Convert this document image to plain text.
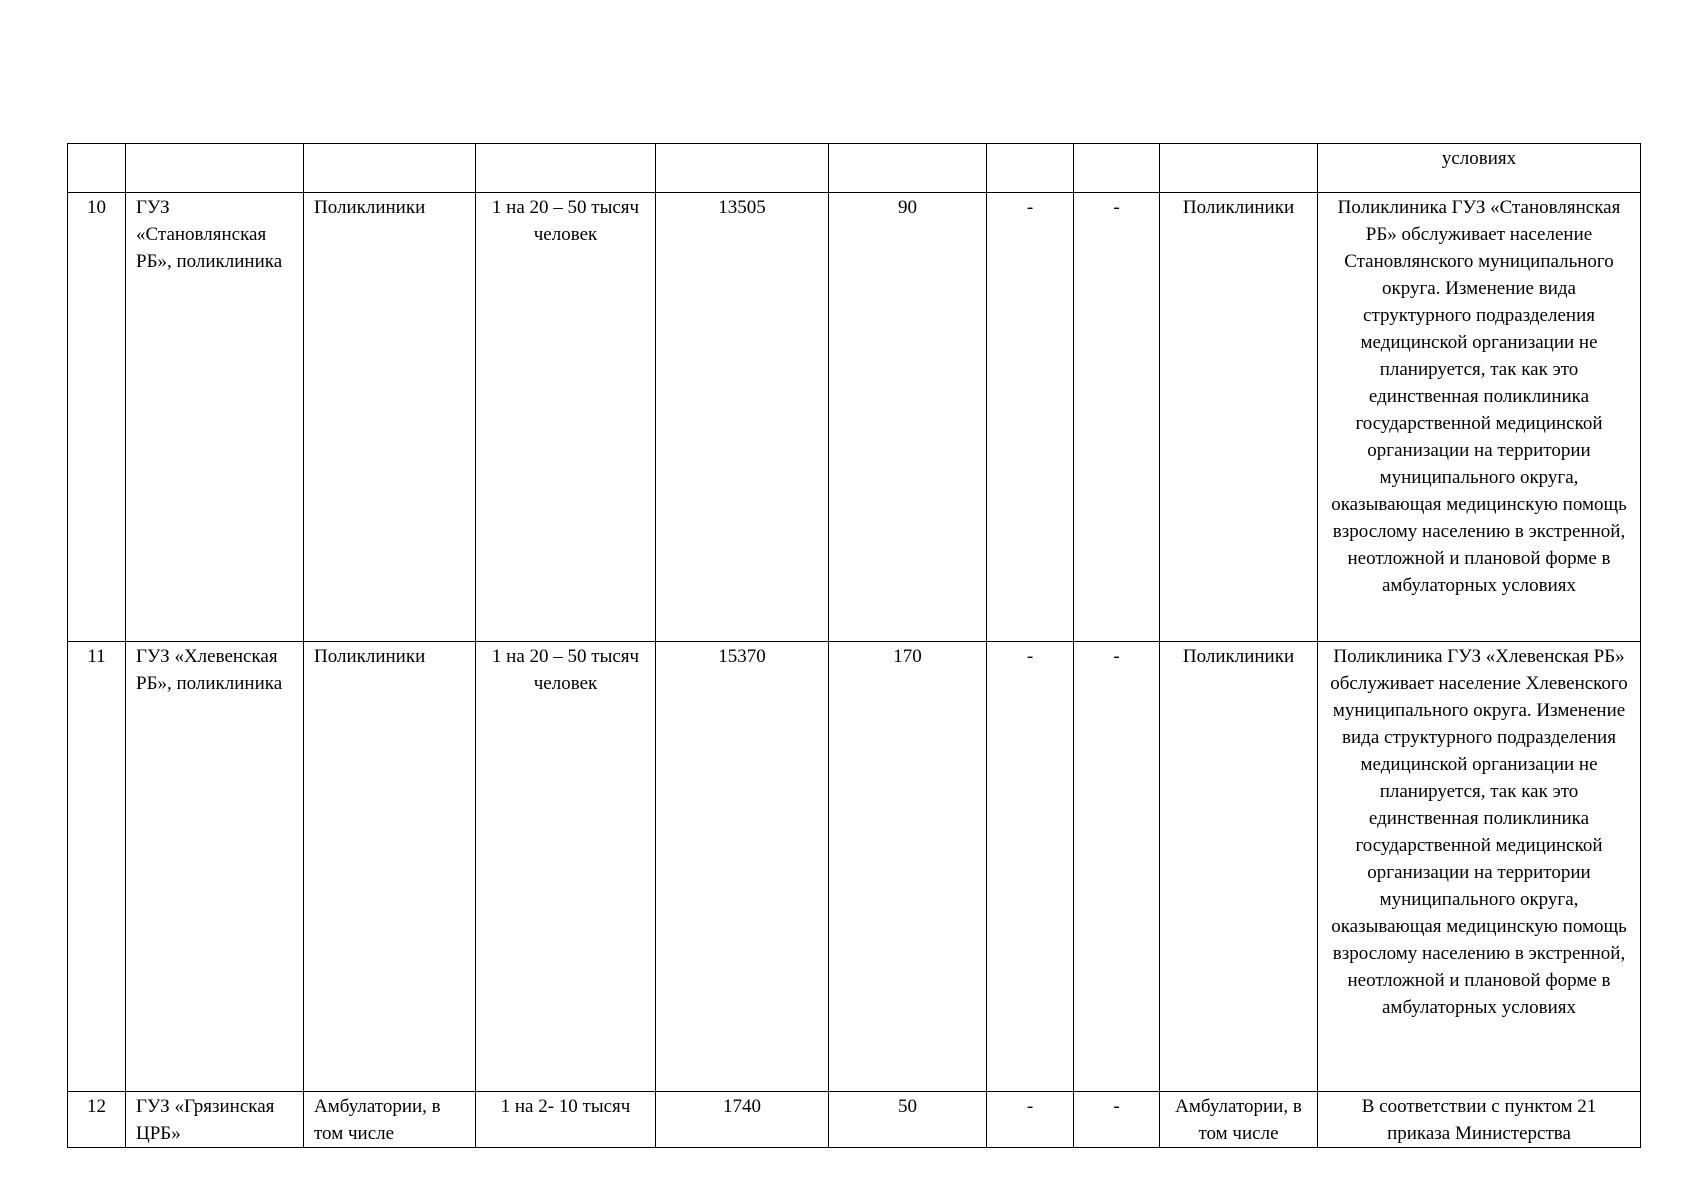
									условиях

10	ГУЗ «Становлянская РБ», поликлиника	Поликлиники	1 на 20 – 50 тысяч человек	13505	90	-	-	Поликлиники	Поликлиника ГУЗ «Становлянская РБ» обслуживает население Становлянского муниципального округа. Изменение вида структурного подразделения медицинской организации не планируется, так как это единственная поликлиника государственной медицинской организации на территории муниципального округа, оказывающая медицинскую помощь взрослому населению в экстренной, неотложной и плановой форме в амбулаторных условиях

11	ГУЗ «Хлевенская РБ», поликлиника	Поликлиники	1 на 20 – 50 тысяч человек	15370	170	-	-	Поликлиники	Поликлиника ГУЗ «Хлевенская РБ» обслуживает население Хлевенского муниципального округа. Изменение вида структурного подразделения медицинской организации не планируется, так как это единственная поликлиника государственной медицинской организации на территории муниципального округа, оказывающая медицинскую помощь взрослому населению в экстренной, неотложной и плановой форме в амбулаторных условиях

12	ГУЗ «Грязинская ЦРБ»	Амбулатории, в том числе	1 на 2- 10 тысяч	1740	50	-	-	Амбулатории, в том числе	В соответствии с пунктом 21 приказа Министерства
